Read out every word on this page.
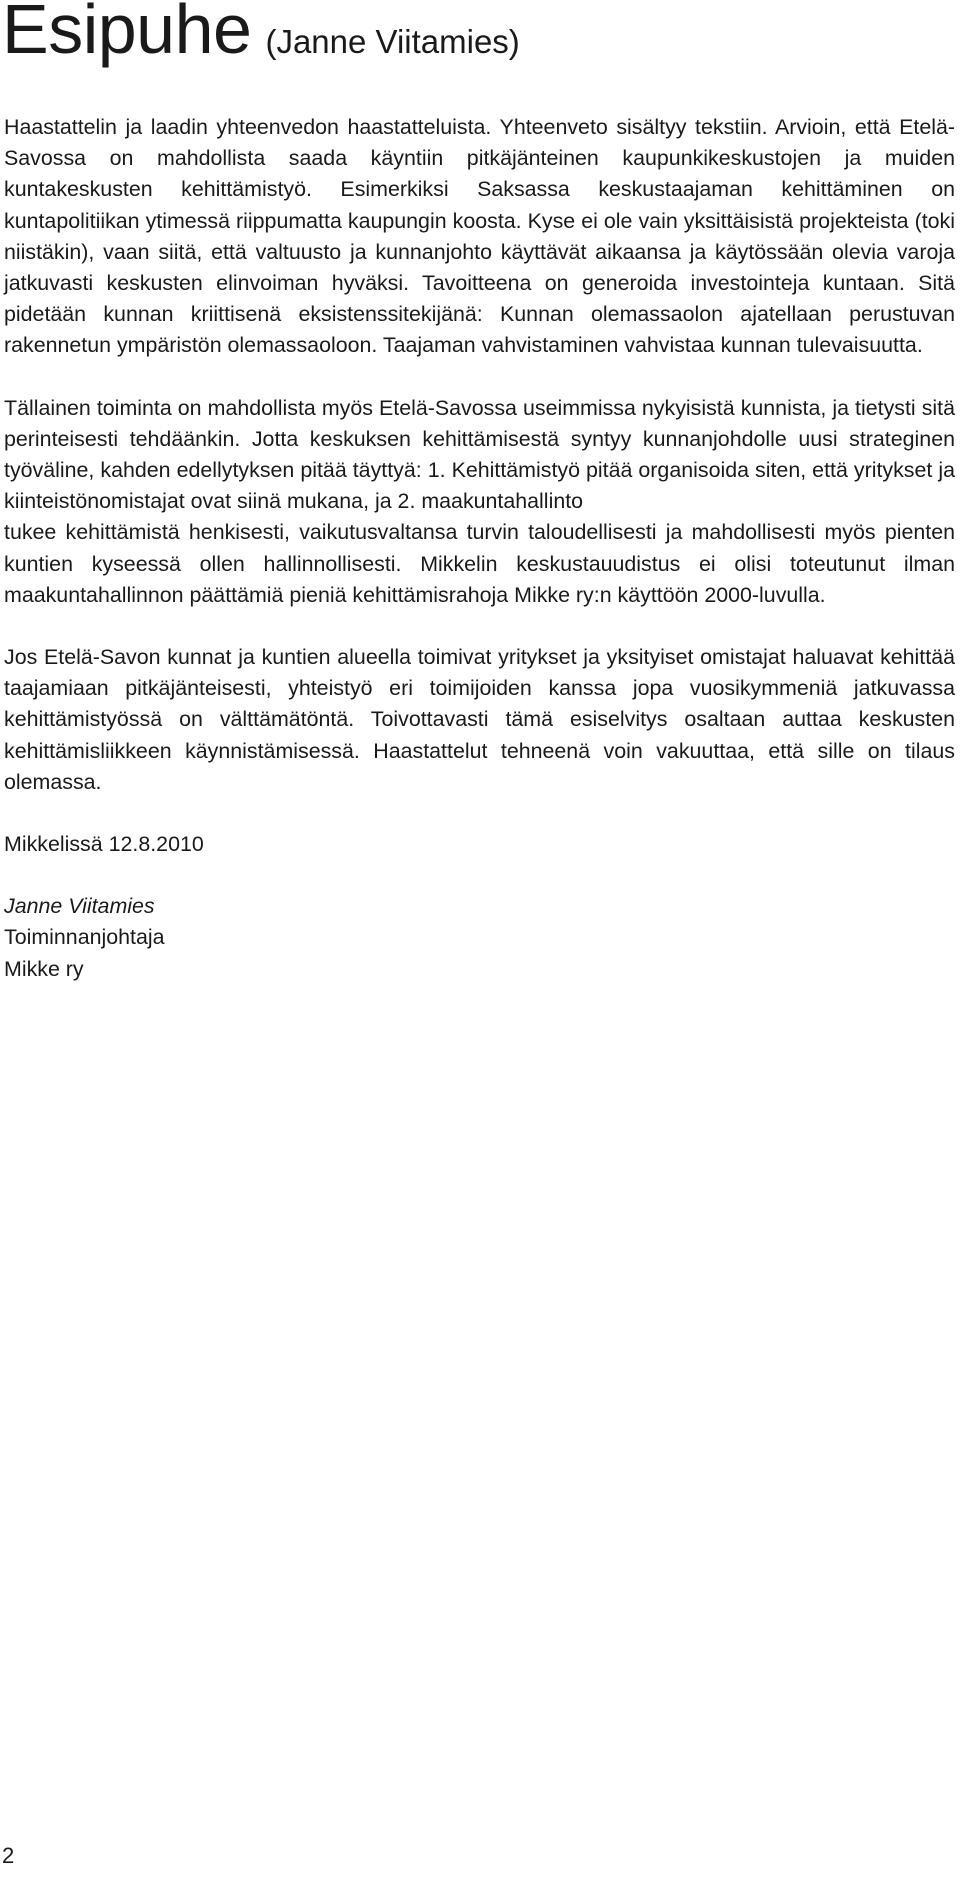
Esipuhe (Janne Viitamies)

Haastattelin ja laadin yhteenvedon haastatteluista. Yhteenveto sisältyy tekstiin. Arvioin, että Etelä-Savossa on mahdollista saada käyntiin pitkäjänteinen kaupunkikeskustojen ja muiden kuntakeskusten kehittämistyö. Esimerkiksi Saksassa keskustaajaman kehittäminen on kuntapolitiikan ytimessä riippumatta kaupungin koosta. Kyse ei ole vain yksittäisistä projekteista (toki niistäkin), vaan siitä, että valtuusto ja kunnanjohto käyttävät aikaansa ja käytössään olevia varoja jatkuvasti keskusten elinvoiman hyväksi. Tavoitteena on generoida investointeja kuntaan. Sitä pidetään kunnan kriittisenä eksistenssitekijänä: Kunnan olemassaolon ajatellaan perustuvan rakennetun ympäristön olemassaoloon. Taajaman vahvistaminen vahvistaa kunnan tulevaisuutta.

Tällainen toiminta on mahdollista myös Etelä-Savossa useimmissa nykyisistä kunnista, ja tietysti sitä perinteisesti tehdäänkin. Jotta keskuksen kehittämisestä syntyy kunnanjohdolle uusi strateginen työväline, kahden edellytyksen pitää täyttyä: 1. Kehittämistyö pitää organisoida siten, että yritykset ja kiinteistönomistajat ovat siinä mukana, ja 2. maakuntahallinto

tukee kehittämistä henkisesti, vaikutusvaltansa turvin taloudellisesti ja mahdollisesti myös pienten kuntien kyseessä ollen hallinnollisesti. Mikkelin keskustauudistus ei olisi toteutunut ilman maakuntahallinnon päättämiä pieniä kehittämisrahoja Mikke ry:n käyttöön 2000-luvulla.

Jos Etelä-Savon kunnat ja kuntien alueella toimivat yritykset ja yksityiset omistajat haluavat kehittää taajamiaan pitkäjänteisesti, yhteistyö eri toimijoiden kanssa jopa vuosikymmeniä jatkuvassa kehittämistyössä on välttämätöntä. Toivottavasti tämä esiselvitys osaltaan auttaa keskusten kehittämisliikkeen käynnistämisessä. Haastattelut tehneenä voin vakuuttaa, että sille on tilaus olemassa.

Mikkelissä 12.8.2010

Janne Viitamies

Toiminnanjohtaja

Mikke ry

2
